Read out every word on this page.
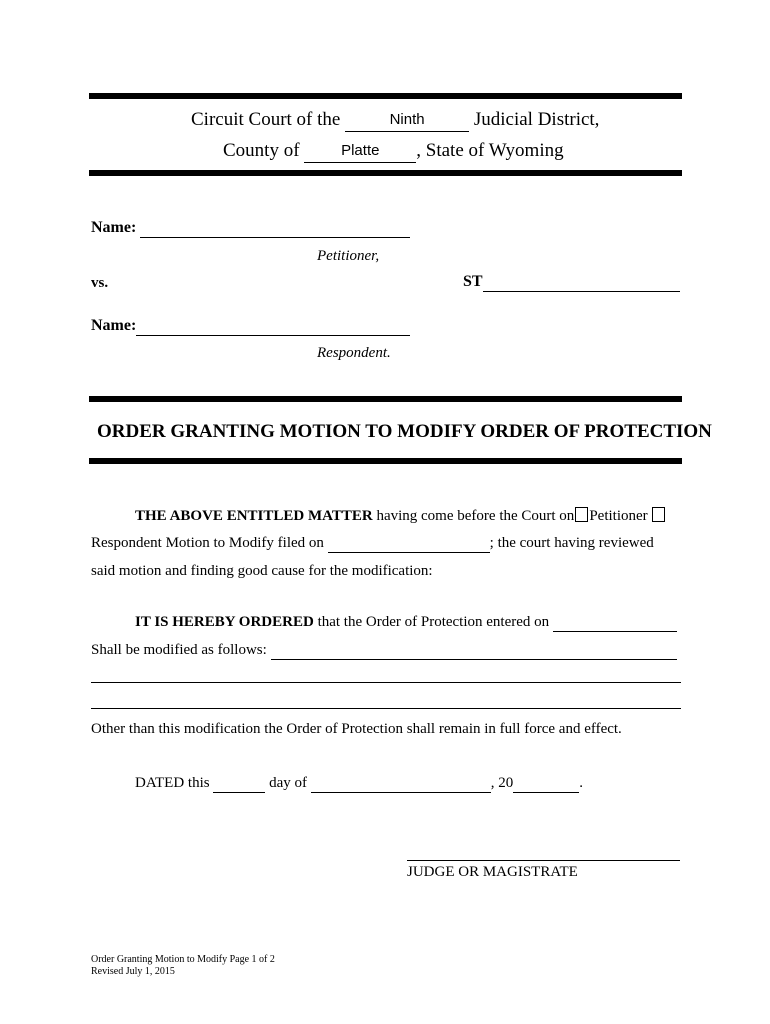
Circuit Court of the	Ninth	Judicial District,
County of	Platte	, State of Wyoming
Name:

Petitioner,
vs.	ST

Name:

Respondent.
ORDER GRANTING MOTION TO MODIFY ORDER OF PROTECTION
THE ABOVE ENTITLED MATTER having come before the Court on Petitioner
Respondent Motion to Modify filed on	; the court having reviewed
said motion and finding good cause for the modification:
IT IS HEREBY ORDERED that the Order of Protection entered on
Shall be modified as follows:
Other than this modification the Order of Protection shall remain in full force and effect.
DATED this	day of	, 20	.
JUDGE OR MAGISTRATE
Order Granting Motion to Modify Page 1 of 2
Revised July 1, 2015
